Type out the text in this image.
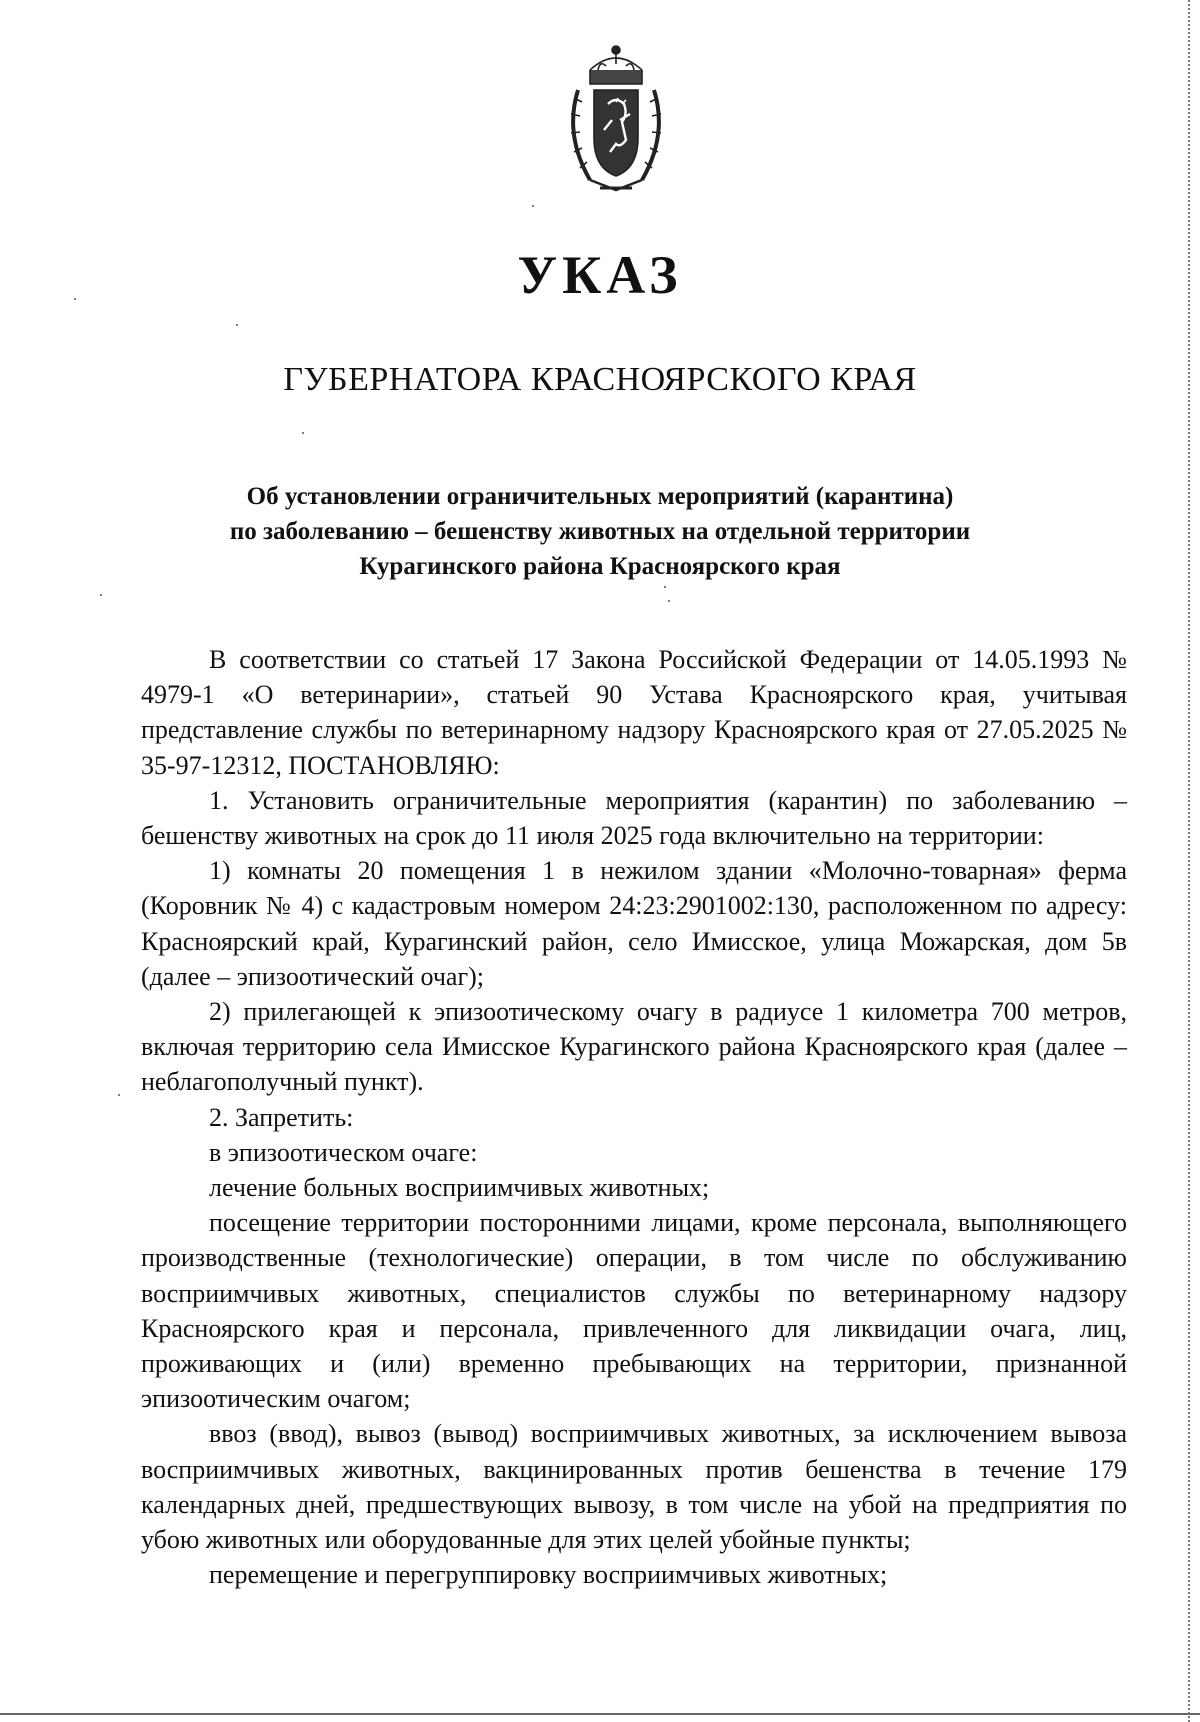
УКАЗ
ГУБЕРНАТОРА КРАСНОЯРСКОГО КРАЯ
Об установлении ограничительных мероприятий (карантина)
по заболеванию – бешенству животных на отдельной территории
Курагинского района Красноярского края

В соответствии со статьей 17 Закона Российской Федерации от 14.05.1993 № 4979-1 «О ветеринарии», статьей 90 Устава Красноярского края, учитывая представление службы по ветеринарному надзору Красноярского края от 27.05.2025 № 35-97-12312, ПОСТАНОВЛЯЮ:

1. Установить ограничительные мероприятия (карантин) по заболеванию – бешенству животных на срок до 11 июля 2025 года включительно на территории:

1) комнаты 20 помещения 1 в нежилом здании «Молочно-товарная» ферма (Коровник № 4) с кадастровым номером 24:23:2901002:130, расположенном по адресу: Красноярский край, Курагинский район, село Имисское, улица Можарская, дом 5в (далее – эпизоотический очаг);

2) прилегающей к эпизоотическому очагу в радиусе 1 километра 700 метров, включая территорию села Имисское Курагинского района Красноярского края (далее – неблагополучный пункт).

2. Запретить:

в эпизоотическом очаге:

лечение больных восприимчивых животных;

посещение территории посторонними лицами, кроме персонала, выполняющего производственные (технологические) операции, в том числе по обслуживанию восприимчивых животных, специалистов службы по ветеринарному надзору Красноярского края и персонала, привлеченного для ликвидации очага, лиц, проживающих и (или) временно пребывающих на территории, признанной эпизоотическим очагом;

ввоз (ввод), вывоз (вывод) восприимчивых животных, за исключением вывоза восприимчивых животных, вакцинированных против бешенства в течение 179 календарных дней, предшествующих вывозу, в том числе на убой на предприятия по убою животных или оборудованные для этих целей убойные пункты;

перемещение и перегруппировку восприимчивых животных;
